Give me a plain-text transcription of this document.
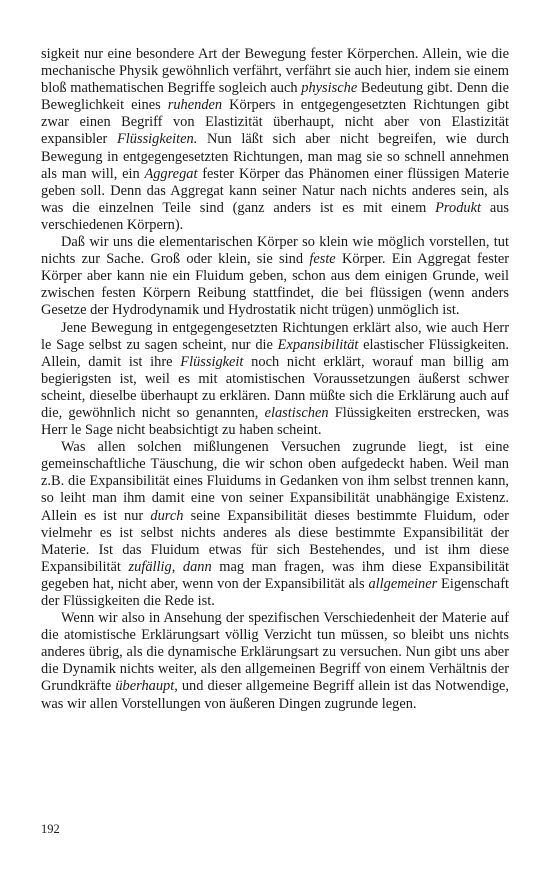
sigkeit nur eine besondere Art der Bewegung fester Körperchen. Allein, wie die mechanische Physik gewöhnlich verfährt, verfährt sie auch hier, indem sie einem bloß mathematischen Begriffe sogleich auch physische Bedeutung gibt. Denn die Beweglichkeit eines ruhenden Körpers in entgegengesetzten Richtungen gibt zwar einen Begriff von Elastizität überhaupt, nicht aber von Elastizität expansibler Flüssigkeiten. Nun läßt sich aber nicht begreifen, wie durch Bewegung in entgegengesetzten Richtungen, man mag sie so schnell annehmen als man will, ein Aggregat fester Körper das Phänomen einer flüssigen Materie geben soll. Denn das Aggregat kann seiner Natur nach nichts anderes sein, als was die einzelnen Teile sind (ganz anders ist es mit einem Produkt aus verschiedenen Körpern).

Daß wir uns die elementarischen Körper so klein wie möglich vorstellen, tut nichts zur Sache. Groß oder klein, sie sind feste Körper. Ein Aggregat fester Körper aber kann nie ein Fluidum geben, schon aus dem einigen Grunde, weil zwischen festen Körpern Reibung stattfindet, die bei flüssigen (wenn anders Gesetze der Hydrodynamik und Hydrostatik nicht trügen) unmöglich ist.

Jene Bewegung in entgegengesetzten Richtungen erklärt also, wie auch Herr le Sage selbst zu sagen scheint, nur die Expansibilität elastischer Flüssigkeiten. Allein, damit ist ihre Flüssigkeit noch nicht erklärt, worauf man billig am begierigsten ist, weil es mit atomistischen Voraussetzungen äußerst schwer scheint, dieselbe überhaupt zu erklären. Dann müßte sich die Erklärung auch auf die, gewöhnlich nicht so genannten, elastischen Flüssigkeiten erstrecken, was Herr le Sage nicht beabsichtigt zu haben scheint.

Was allen solchen mißlungenen Versuchen zugrunde liegt, ist eine gemeinschaftliche Täuschung, die wir schon oben aufgedeckt haben. Weil man z.B. die Expansibilität eines Fluidums in Gedanken von ihm selbst trennen kann, so leiht man ihm damit eine von seiner Expansibilität unabhängige Existenz. Allein es ist nur durch seine Expansibilität dieses bestimmte Fluidum, oder vielmehr es ist selbst nichts anderes als diese bestimmte Expansibilität der Materie. Ist das Fluidum etwas für sich Bestehendes, und ist ihm diese Expansibilität zufällig, dann mag man fragen, was ihm diese Expansibilität gegeben hat, nicht aber, wenn von der Expansibilität als allgemeiner Eigenschaft der Flüssigkeiten die Rede ist.

Wenn wir also in Ansehung der spezifischen Verschiedenheit der Materie auf die atomistische Erklärungsart völlig Verzicht tun müssen, so bleibt uns nichts anderes übrig, als die dynamische Erklärungsart zu versuchen. Nun gibt uns aber die Dynamik nichts weiter, als den allgemeinen Begriff von einem Verhältnis der Grundkräfte überhaupt, und dieser allgemeine Begriff allein ist das Notwendige, was wir allen Vorstellungen von äußeren Dingen zugrunde legen.

192
